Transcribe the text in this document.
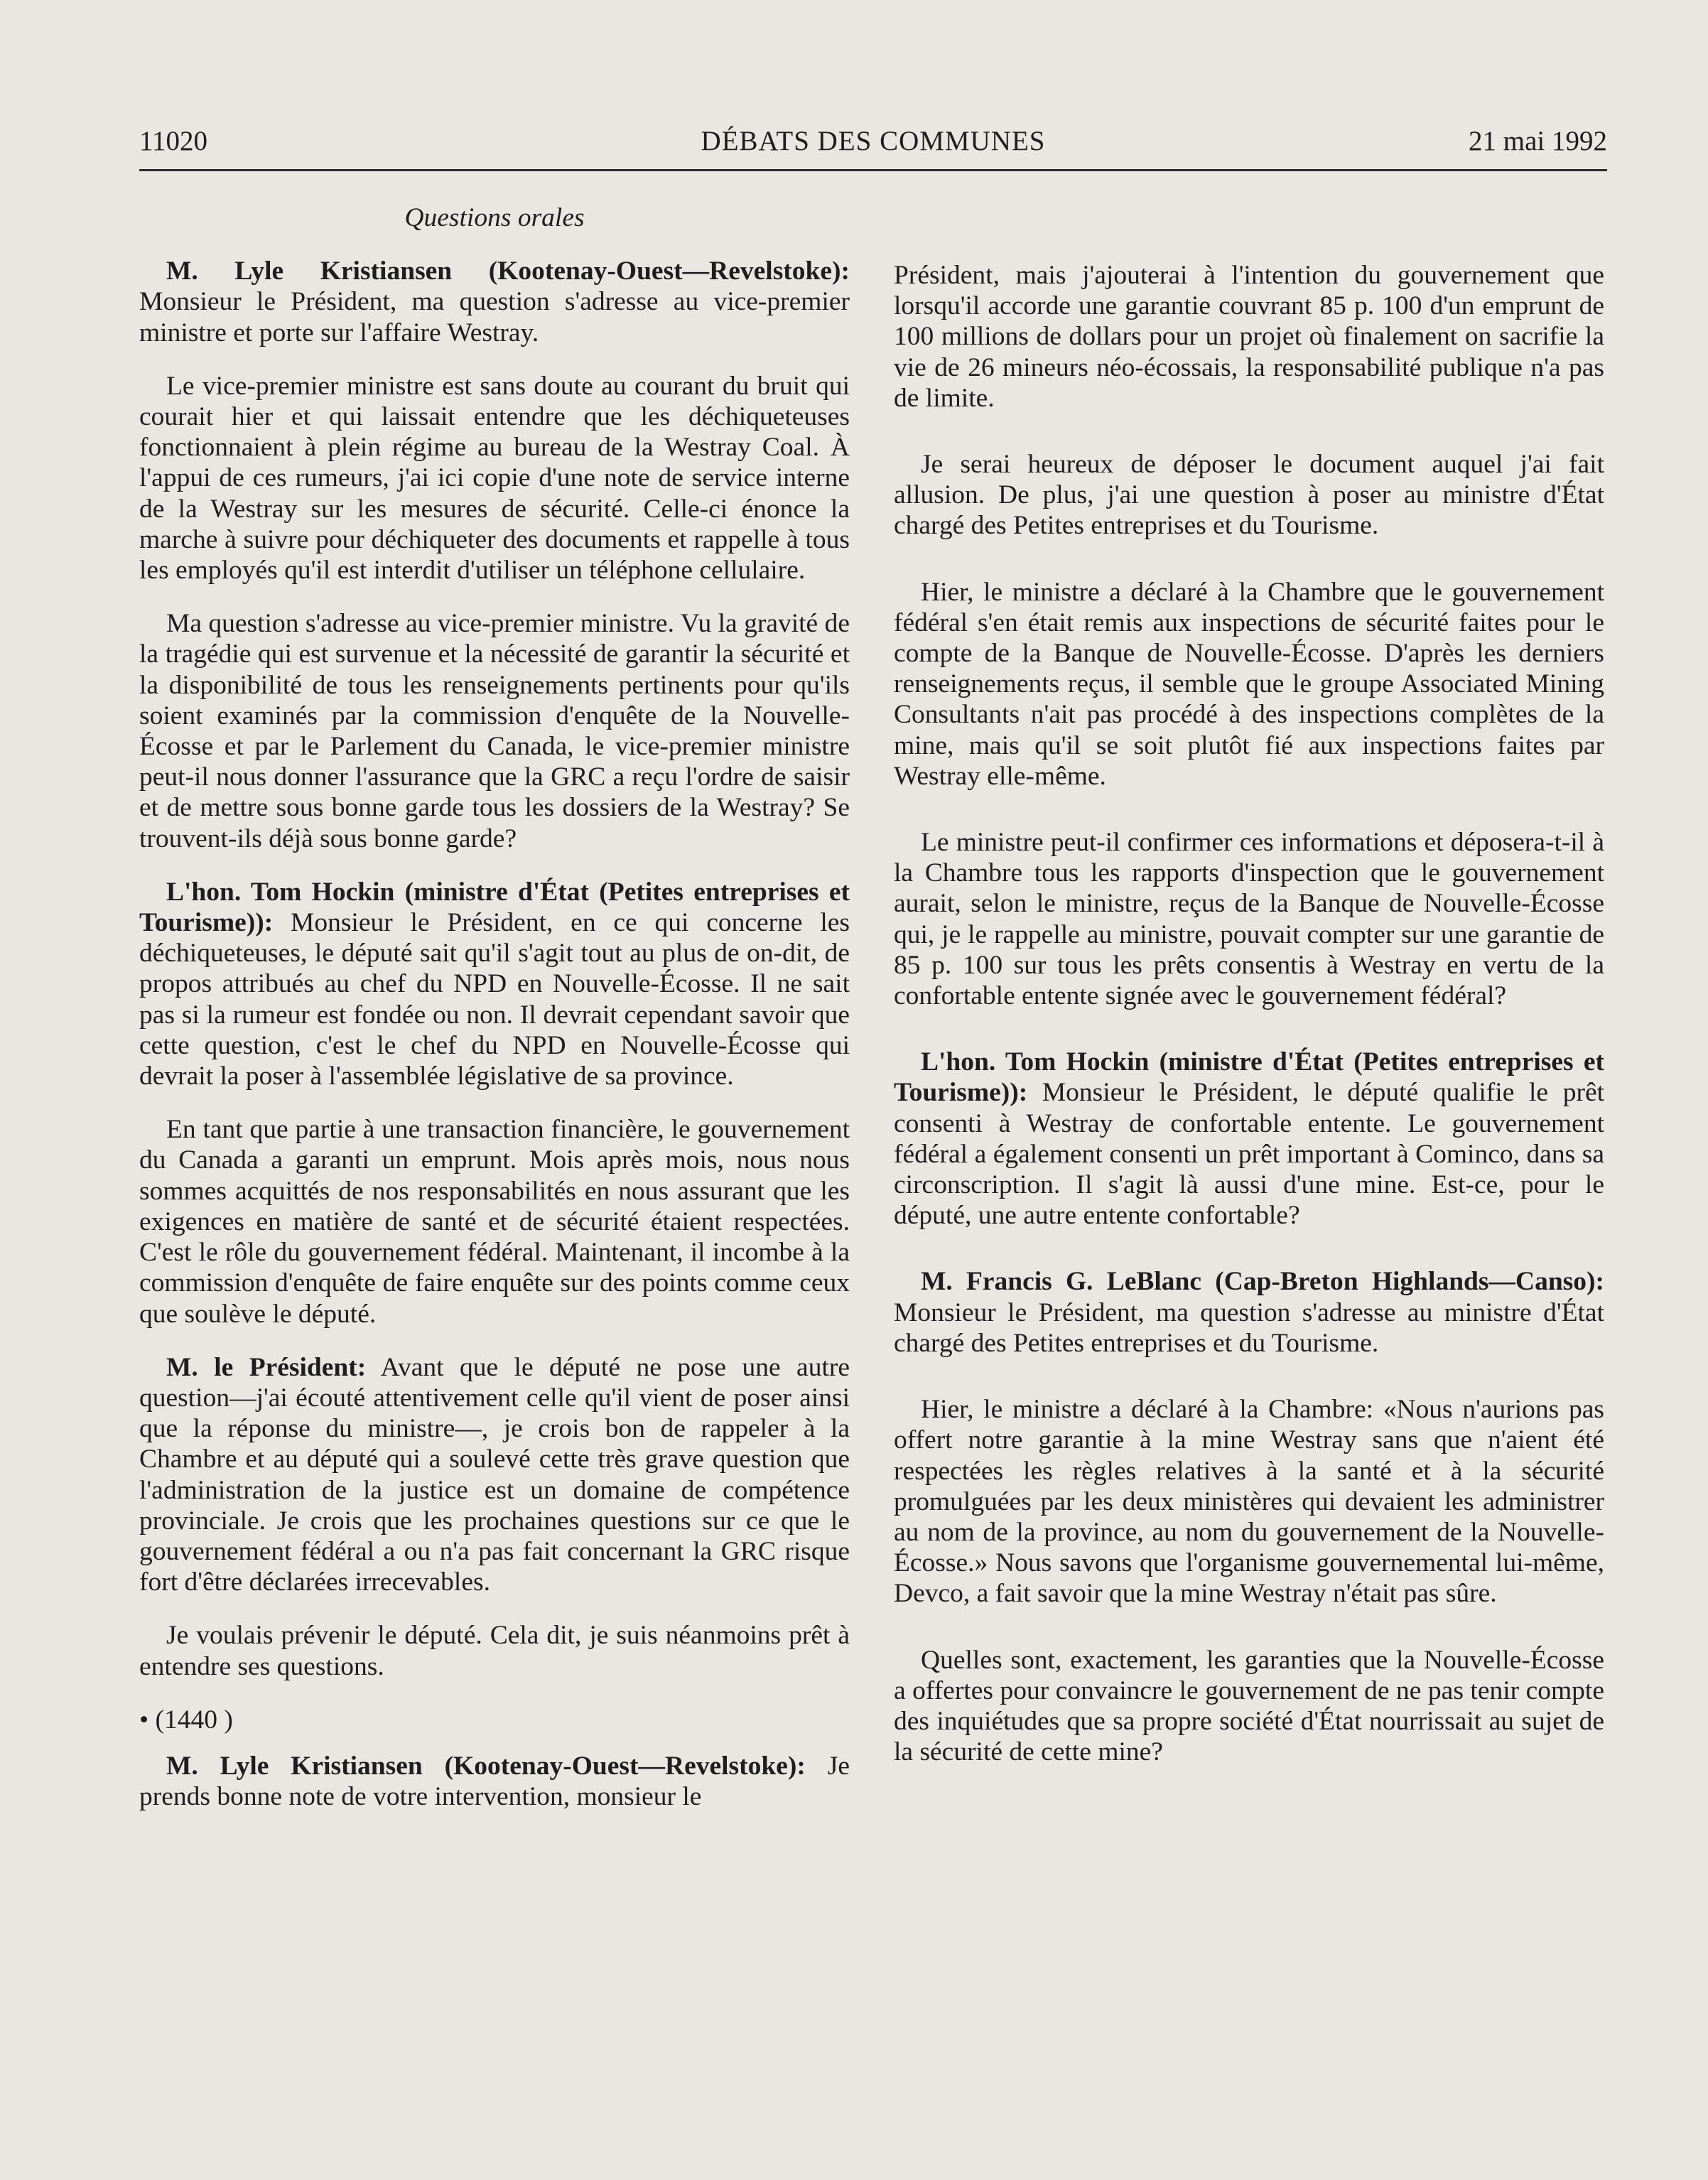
11020	DÉBATS DES COMMUNES	21 mai 1992
Questions orales

M. Lyle Kristiansen (Kootenay-Ouest—Revelstoke): Monsieur le Président, ma question s'adresse au vice-premier ministre et porte sur l'affaire Westray.

Le vice-premier ministre est sans doute au courant du bruit qui courait hier et qui laissait entendre que les déchiqueteuses fonctionnaient à plein régime au bureau de la Westray Coal. À l'appui de ces rumeurs, j'ai ici copie d'une note de service interne de la Westray sur les mesures de sécurité. Celle-ci énonce la marche à suivre pour déchiqueter des documents et rappelle à tous les employés qu'il est interdit d'utiliser un téléphone cellulaire.

Ma question s'adresse au vice-premier ministre. Vu la gravité de la tragédie qui est survenue et la nécessité de garantir la sécurité et la disponibilité de tous les renseignements pertinents pour qu'ils soient examinés par la commission d'enquête de la Nouvelle-Écosse et par le Parlement du Canada, le vice-premier ministre peut-il nous donner l'assurance que la GRC a reçu l'ordre de saisir et de mettre sous bonne garde tous les dossiers de la Westray? Se trouvent-ils déjà sous bonne garde?

L'hon. Tom Hockin (ministre d'État (Petites entreprises et Tourisme)): Monsieur le Président, en ce qui concerne les déchiqueteuses, le député sait qu'il s'agit tout au plus de on-dit, de propos attribués au chef du NPD en Nouvelle-Écosse. Il ne sait pas si la rumeur est fondée ou non. Il devrait cependant savoir que cette question, c'est le chef du NPD en Nouvelle-Écosse qui devrait la poser à l'assemblée législative de sa province.

En tant que partie à une transaction financière, le gouvernement du Canada a garanti un emprunt. Mois après mois, nous nous sommes acquittés de nos responsabilités en nous assurant que les exigences en matière de santé et de sécurité étaient respectées. C'est le rôle du gouvernement fédéral. Maintenant, il incombe à la commission d'enquête de faire enquête sur des points comme ceux que soulève le député.

M. le Président: Avant que le député ne pose une autre question—j'ai écouté attentivement celle qu'il vient de poser ainsi que la réponse du ministre—, je crois bon de rappeler à la Chambre et au député qui a soulevé cette très grave question que l'administration de la justice est un domaine de compétence provinciale. Je crois que les prochaines questions sur ce que le gouvernement fédéral a ou n'a pas fait concernant la GRC risque fort d'être déclarées irrecevables.

Je voulais prévenir le député. Cela dit, je suis néanmoins prêt à entendre ses questions.

• (1440 )

M. Lyle Kristiansen (Kootenay-Ouest—Revelstoke): Je prends bonne note de votre intervention, monsieur le

Président, mais j'ajouterai à l'intention du gouvernement que lorsqu'il accorde une garantie couvrant 85 p. 100 d'un emprunt de 100 millions de dollars pour un projet où finalement on sacrifie la vie de 26 mineurs néo-écossais, la responsabilité publique n'a pas de limite.

Je serai heureux de déposer le document auquel j'ai fait allusion. De plus, j'ai une question à poser au ministre d'État chargé des Petites entreprises et du Tourisme.

Hier, le ministre a déclaré à la Chambre que le gouvernement fédéral s'en était remis aux inspections de sécurité faites pour le compte de la Banque de Nouvelle-Écosse. D'après les derniers renseignements reçus, il semble que le groupe Associated Mining Consultants n'ait pas procédé à des inspections complètes de la mine, mais qu'il se soit plutôt fié aux inspections faites par Westray elle-même.

Le ministre peut-il confirmer ces informations et déposera-t-il à la Chambre tous les rapports d'inspection que le gouvernement aurait, selon le ministre, reçus de la Banque de Nouvelle-Écosse qui, je le rappelle au ministre, pouvait compter sur une garantie de 85 p. 100 sur tous les prêts consentis à Westray en vertu de la confortable entente signée avec le gouvernement fédéral?

L'hon. Tom Hockin (ministre d'État (Petites entreprises et Tourisme)): Monsieur le Président, le député qualifie le prêt consenti à Westray de confortable entente. Le gouvernement fédéral a également consenti un prêt important à Cominco, dans sa circonscription. Il s'agit là aussi d'une mine. Est-ce, pour le député, une autre entente confortable?

M. Francis G. LeBlanc (Cap-Breton Highlands—Canso): Monsieur le Président, ma question s'adresse au ministre d'État chargé des Petites entreprises et du Tourisme.

Hier, le ministre a déclaré à la Chambre: «Nous n'aurions pas offert notre garantie à la mine Westray sans que n'aient été respectées les règles relatives à la santé et à la sécurité promulguées par les deux ministères qui devaient les administrer au nom de la province, au nom du gouvernement de la Nouvelle-Écosse.» Nous savons que l'organisme gouvernemental lui-même, Devco, a fait savoir que la mine Westray n'était pas sûre.

Quelles sont, exactement, les garanties que la Nouvelle-Écosse a offertes pour convaincre le gouvernement de ne pas tenir compte des inquiétudes que sa propre société d'État nourrissait au sujet de la sécurité de cette mine?
